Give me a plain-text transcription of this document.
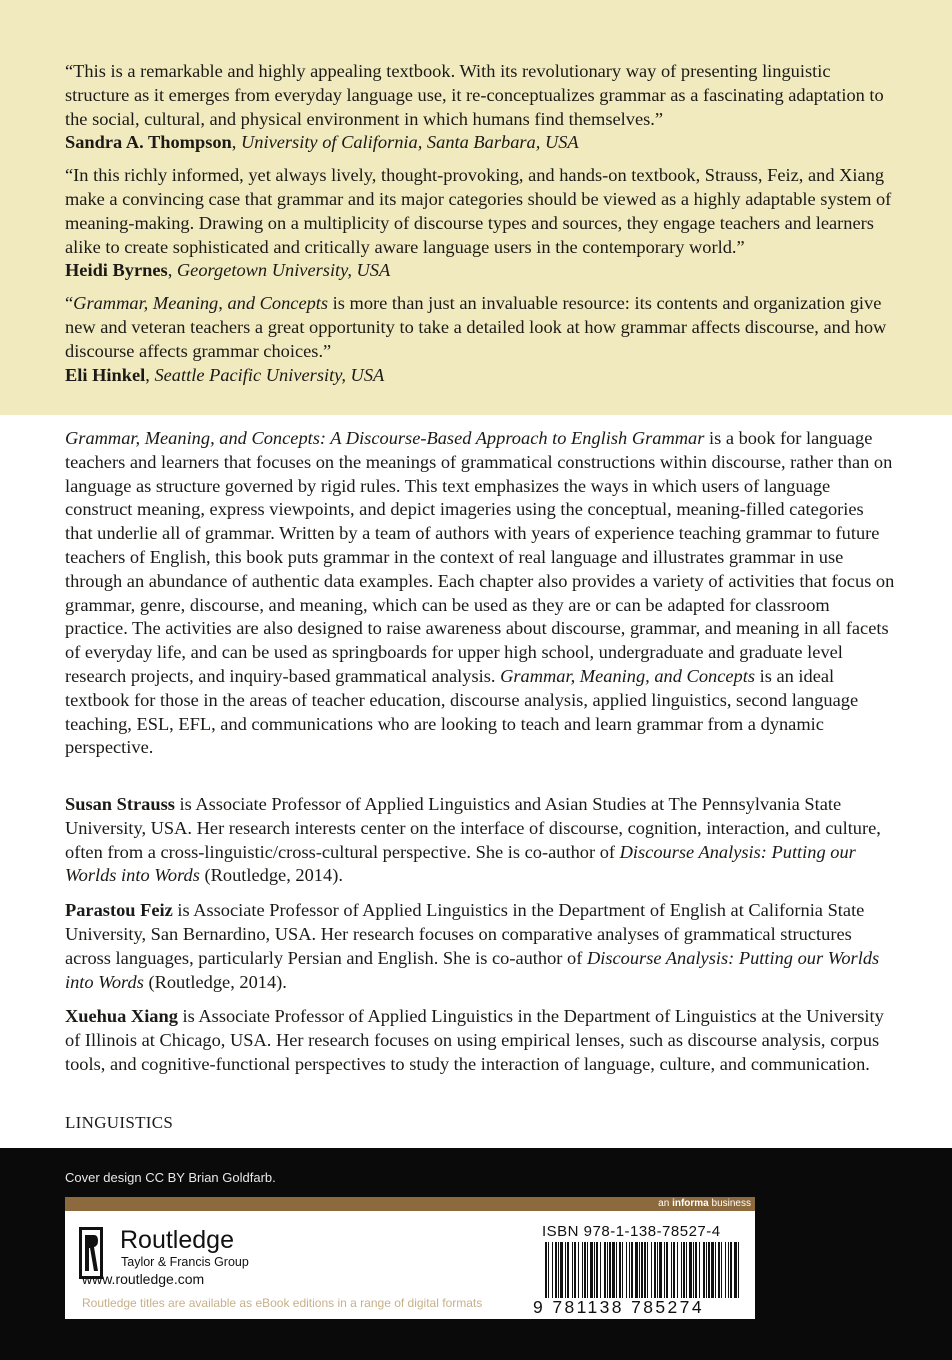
“This is a remarkable and highly appealing textbook. With its revolutionary way of presenting linguistic structure as it emerges from everyday language use, it re-conceptualizes grammar as a fascinating adaptation to the social, cultural, and physical environment in which humans find themselves.”

Sandra A. Thompson, University of California, Santa Barbara, USA

“In this richly informed, yet always lively, thought-provoking, and hands-on textbook, Strauss, Feiz, and Xiang make a convincing case that grammar and its major categories should be viewed as a highly adaptable system of meaning-making. Drawing on a multiplicity of discourse types and sources, they engage teachers and learners alike to create sophisticated and critically aware language users in the contemporary world.”

Heidi Byrnes, Georgetown University, USA

“Grammar, Meaning, and Concepts is more than just an invaluable resource: its contents and organization give new and veteran teachers a great opportunity to take a detailed look at how grammar affects discourse, and how discourse affects grammar choices.”

Eli Hinkel, Seattle Pacific University, USA

Grammar, Meaning, and Concepts: A Discourse-Based Approach to English Grammar is a book for language teachers and learners that focuses on the meanings of grammatical constructions within discourse, rather than on language as structure governed by rigid rules. This text emphasizes the ways in which users of language construct meaning, express viewpoints, and depict imageries using the conceptual, meaning-filled categories that underlie all of grammar. Written by a team of authors with years of experience teaching grammar to future teachers of English, this book puts grammar in the context of real language and illustrates grammar in use through an abundance of authentic data examples. Each chapter also provides a variety of activities that focus on grammar, genre, discourse, and meaning, which can be used as they are or can be adapted for classroom practice. The activities are also designed to raise awareness about discourse, grammar, and meaning in all facets of everyday life, and can be used as springboards for upper high school, undergraduate and graduate level research projects, and inquiry-based grammatical analysis. Grammar, Meaning, and Concepts is an ideal textbook for those in the areas of teacher education, discourse analysis, applied linguistics, second language teaching, ESL, EFL, and communications who are looking to teach and learn grammar from a dynamic perspective.

Susan Strauss is Associate Professor of Applied Linguistics and Asian Studies at The Pennsylvania State University, USA. Her research interests center on the interface of discourse, cognition, interaction, and culture, often from a cross-linguistic/cross-cultural perspective. She is co-author of Discourse Analysis: Putting our Worlds into Words (Routledge, 2014).

Parastou Feiz is Associate Professor of Applied Linguistics in the Department of English at California State University, San Bernardino, USA. Her research focuses on comparative analyses of grammatical structures across languages, particularly Persian and English. She is co-author of Discourse Analysis: Putting our Worlds into Words (Routledge, 2014).

Xuehua Xiang is Associate Professor of Applied Linguistics in the Department of Linguistics at the University of Illinois at Chicago, USA. Her research focuses on using empirical lenses, such as discourse analysis, corpus tools, and cognitive-functional perspectives to study the interaction of language, culture, and communication.

LINGUISTICS
Cover design CC BY Brian Goldfarb.
an informa business
Routledge
Taylor & Francis Group
www.routledge.com
Routledge titles are available as eBook editions in a range of digital formats
ISBN 978-1-138-78527-4
9 781138 785274
